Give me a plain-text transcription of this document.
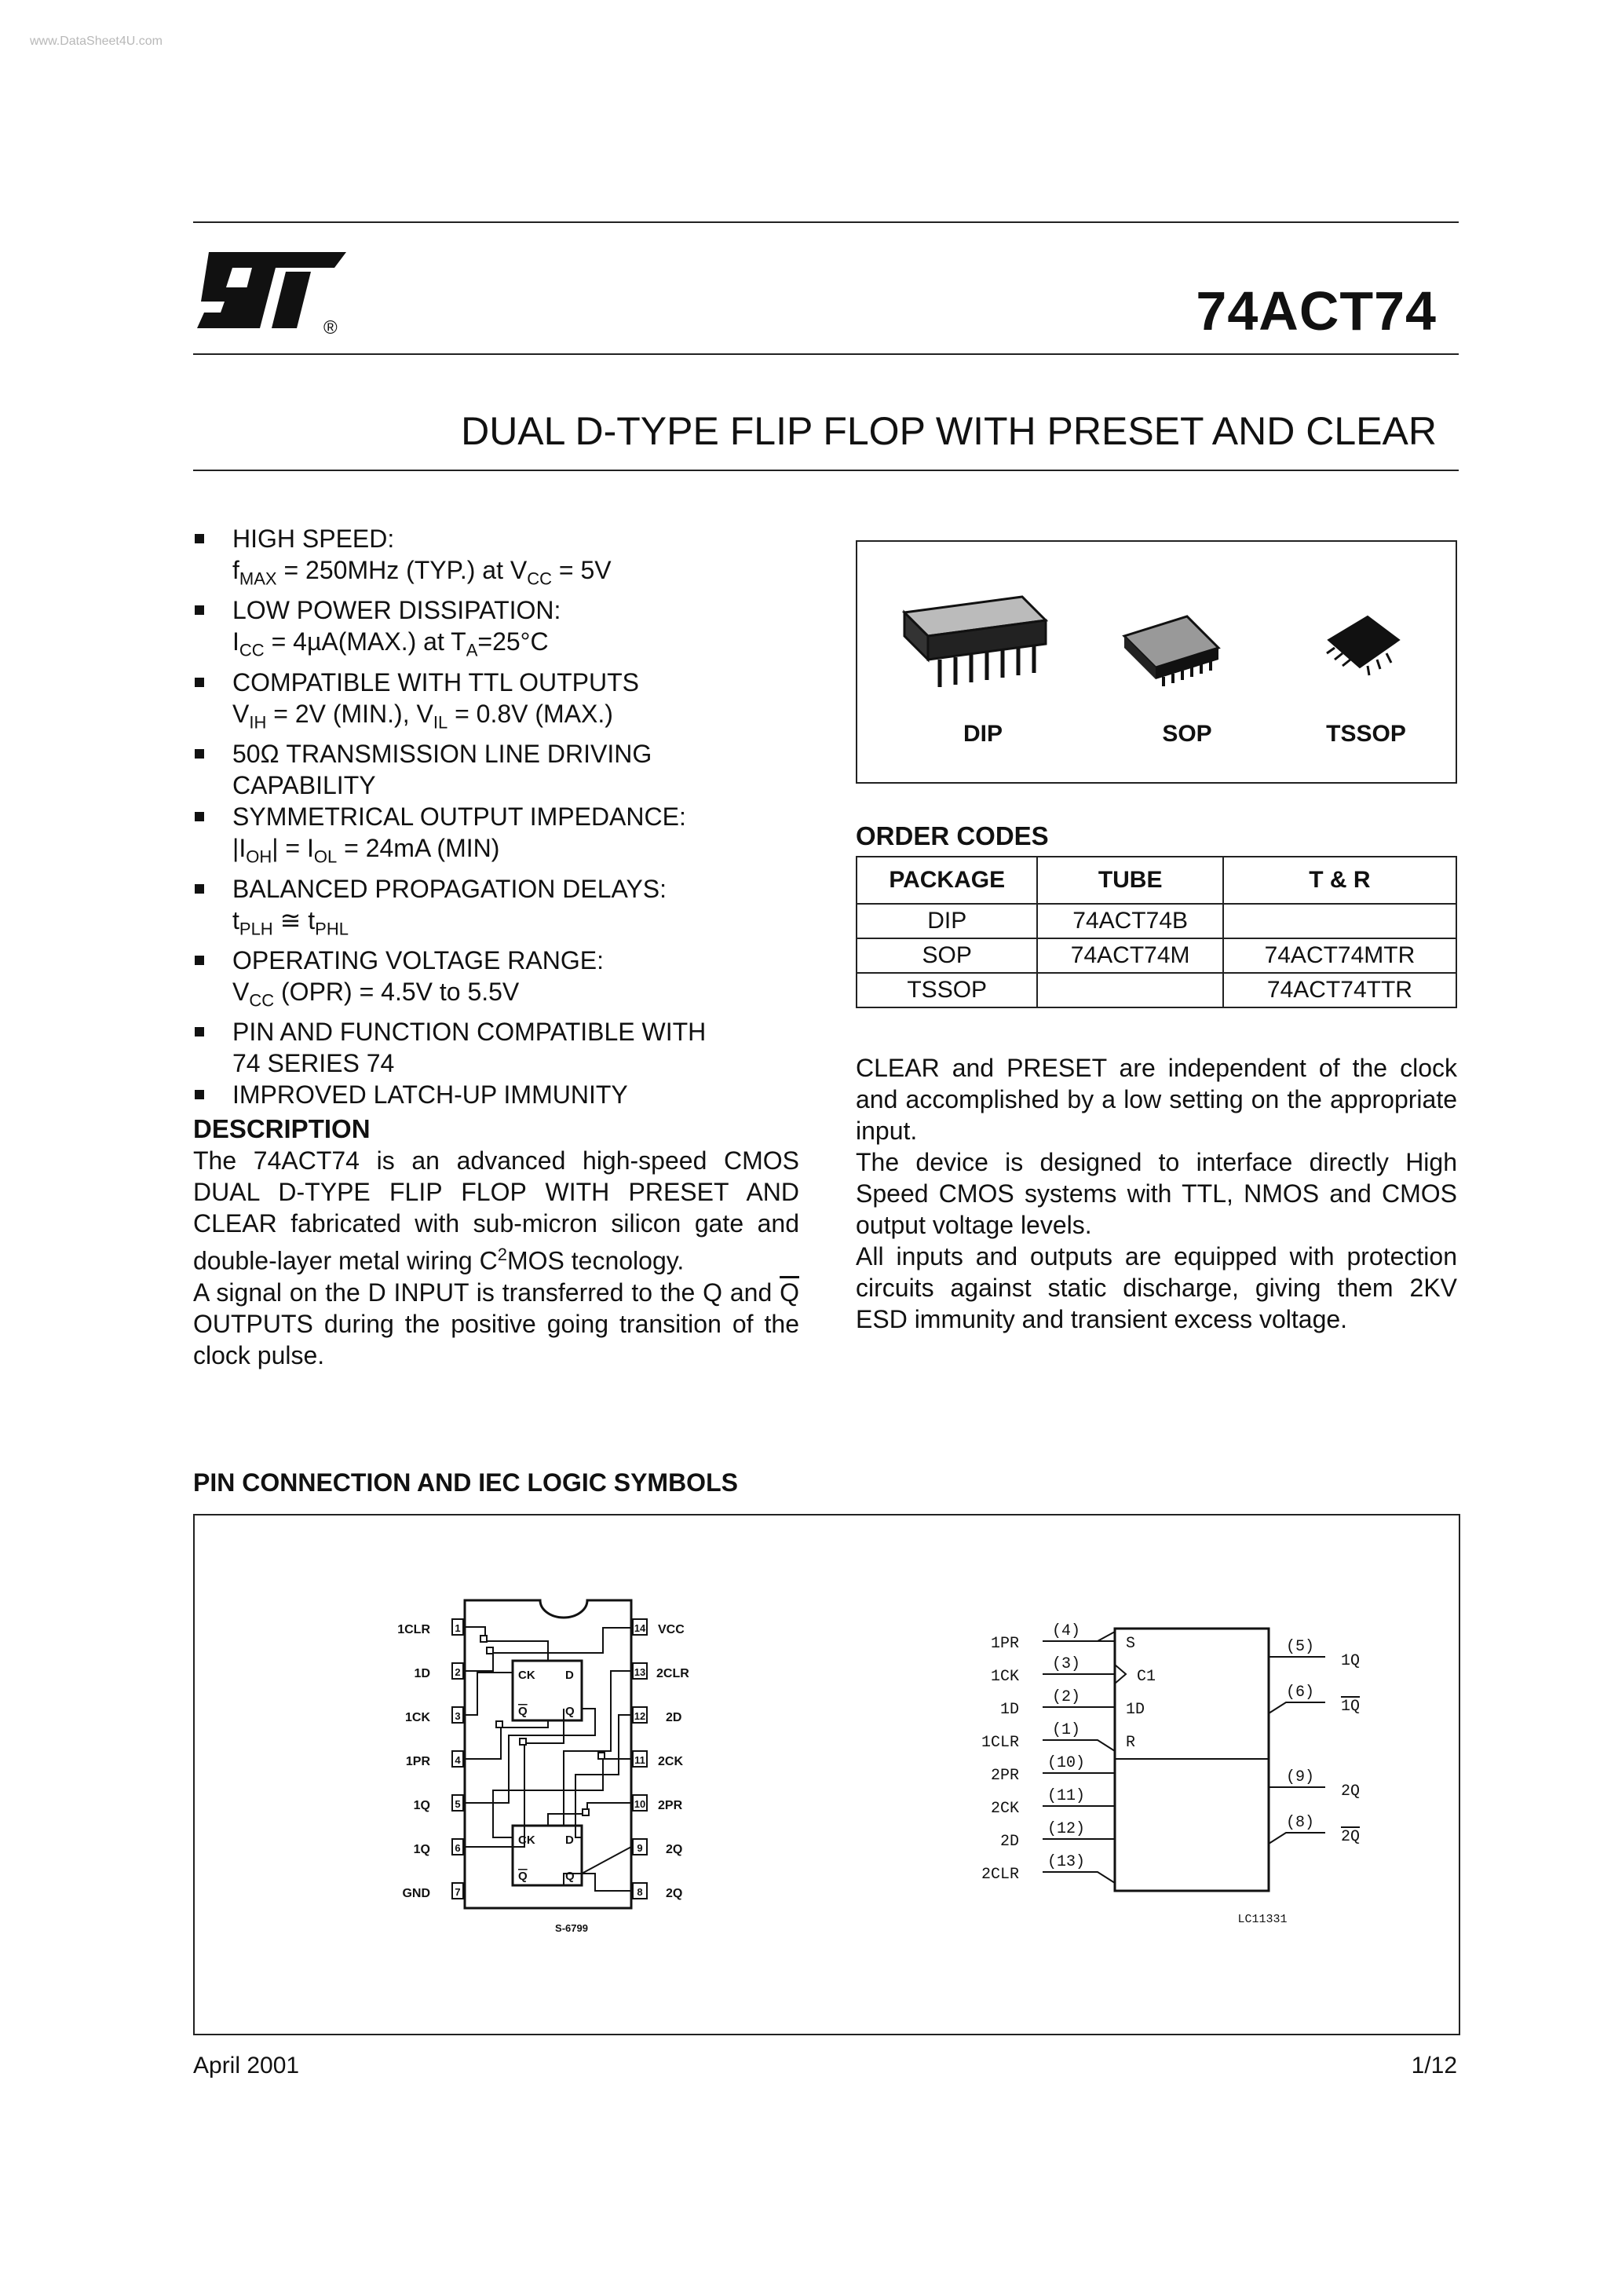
www.DataSheet4U.com
®	74ACT74
DUAL D-TYPE FLIP FLOP WITH PRESET AND CLEAR
HIGH SPEED:
$f_{MAX} = 250MHz$ (TYP.) at $V_{CC} = 5V$
LOW POWER DISSIPATION:
$I_{CC} = 4\mu A(MAX.)$ at $T_A=25^\circ C$
COMPATIBLE WITH TTL OUTPUTS
$V_{IH} = 2V$ (MIN.), $V_{IL} = 0.8V$ (MAX.)
50Ω TRANSMISSION LINE DRIVING
CAPABILITY
SYMMETRICAL OUTPUT IMPEDANCE:
$|I_{OH}| = I_{OL} = 24mA$ (MIN)
BALANCED PROPAGATION DELAYS:
$t_{PLH}$ ≅ $t_{PHL}$
OPERATING VOLTAGE RANGE:
$V_{CC}$ (OPR) = 4.5V to 5.5V
PIN AND FUNCTION COMPATIBLE WITH
74 SERIES 74
IMPROVED LATCH-UP IMMUNITY
DESCRIPTION
The 74ACT74 is an advanced high-speed CMOS DUAL D-TYPE FLIP FLOP WITH PRESET AND CLEAR fabricated with sub-micron silicon gate and double-layer metal wiring $C^2MOS$ tecnology.
A signal on the D INPUT is transferred to the Q and $\overline{Q}$ OUTPUTS during the positive going transition of the clock pulse.
DIP	SOP	TSSOP
ORDER CODES
PACKAGE	TUBE	T & R
DIP	74ACT74B	
SOP	74ACT74M	74ACT74MTR
TSSOP		74ACT74TTR
CLEAR and PRESET are independent of the clock and accomplished by a low setting on the appropriate input.
The device is designed to interface directly High Speed CMOS systems with TTL, NMOS and CMOS output voltage levels.
All inputs and outputs are equipped with protection circuits against static discharge, giving them 2KV ESD immunity and transient excess voltage.
PIN CONNECTION AND IEC LOGIC SYMBOLS
1CLR
1D
1CK
1PR
1Q
1Q
GND
1
2
3
4
5
6
7
14
13
12
11
10
9
8
VCC
2CLR
2D
2CK
2PR
2Q
2Q
CK	D
Q	Q
CK	D
Q	Q
S-6799
1PR
1CK
1D
1CLR
2PR
2CK
2D
2CLR
(4)
(3)
(2)
(1)
(10)
(11)
(12)
(13)
S
C1
1D
R
(5)
(6)
(9)
(8)
1Q
1Q
2Q
2Q
LC11331
April 2001	1/12
